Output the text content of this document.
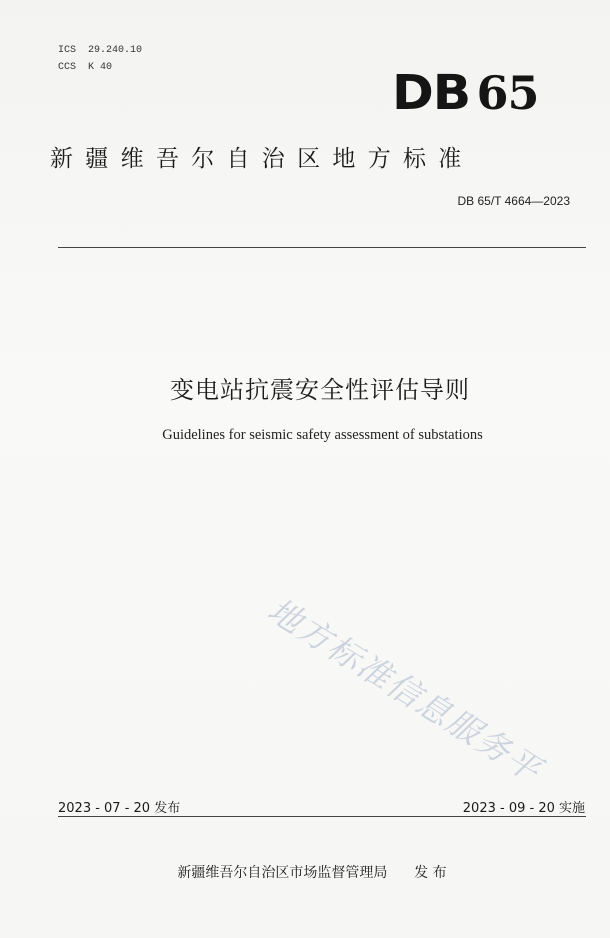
ICS  29.240.10
CCS  K 40	DB 65
新疆维吾尔自治区地方标准
DB 65/T 4664—2023
变电站抗震安全性评估导则
Guidelines for seismic safety assessment of substations
地方标准信息服务平
2023 - 07 - 20 发布	2023 - 09 - 20 实施
新疆维吾尔自治区市场监督管理局      发 布
